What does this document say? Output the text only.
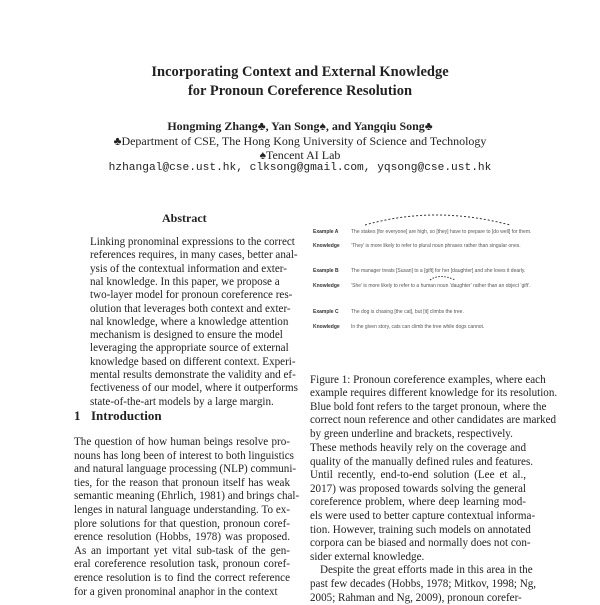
Incorporating Context and External Knowledge
for Pronoun Coreference Resolution
Hongming Zhang♣, Yan Song♠, and Yangqiu Song♣
♣Department of CSE, The Hong Kong University of Science and Technology
♠Tencent AI Lab
hzhangal@cse.ust.hk, clksong@gmail.com, yqsong@cse.ust.hk
Abstract
Linking pronominal expressions to the correct
references requires, in many cases, better anal-
ysis of the contextual information and exter-
nal knowledge. In this paper, we propose a
two-layer model for pronoun coreference res-
olution that leverages both context and exter-
nal knowledge, where a knowledge attention
mechanism is designed to ensure the model
leveraging the appropriate source of external
knowledge based on different context. Experi-
mental results demonstrate the validity and ef-
fectiveness of our model, where it outperforms
state-of-the-art models by a large margin.
1 Introduction
The question of how human beings resolve pro-
nouns has long been of interest to both linguistics
and natural language processing (NLP) communi-
ties, for the reason that pronoun itself has weak
semantic meaning (Ehrlich, 1981) and brings chal-
lenges in natural language understanding. To ex-
plore solutions for that question, pronoun coref-
erence resolution (Hobbs, 1978) was proposed.
As an important yet vital sub-task of the gen-
eral coreference resolution task, pronoun coref-
erence resolution is to find the correct reference
for a given pronominal anaphor in the context
Example A	The stakes [for everyone] are high, so [they] have to prepare to [do well] for them.
Knowledge ‘They’ is more likely to refer to plural noun phrases rather than singular ones.
Example B The manager treats [Susan] to a [gift] for her [daughter] and she loves it dearly.
Knowledge ‘She’ is more likely to refer to a human noun ‘daughter’ rather than an object ‘gift’.
Example C The dog is chasing [the cat], but [it] climbs the tree.
Knowledge In the given story, cats can climb the tree while dogs cannot.
Figure 1: Pronoun coreference examples, where each
example requires different knowledge for its resolution.
Blue bold font refers to the target pronoun, where the
correct noun reference and other candidates are marked
by green underline and brackets, respectively.
These methods heavily rely on the coverage and
quality of the manually defined rules and features.
Until recently, end-to-end solution (Lee et al.,
2017) was proposed towards solving the general
coreference problem, where deep learning mod-
els were used to better capture contextual informa-
tion. However, training such models on annotated
corpora can be biased and normally does not con-
sider external knowledge.
Despite the great efforts made in this area in the
past few decades (Hobbs, 1978; Mitkov, 1998; Ng,
2005; Rahman and Ng, 2009), pronoun corefer-
